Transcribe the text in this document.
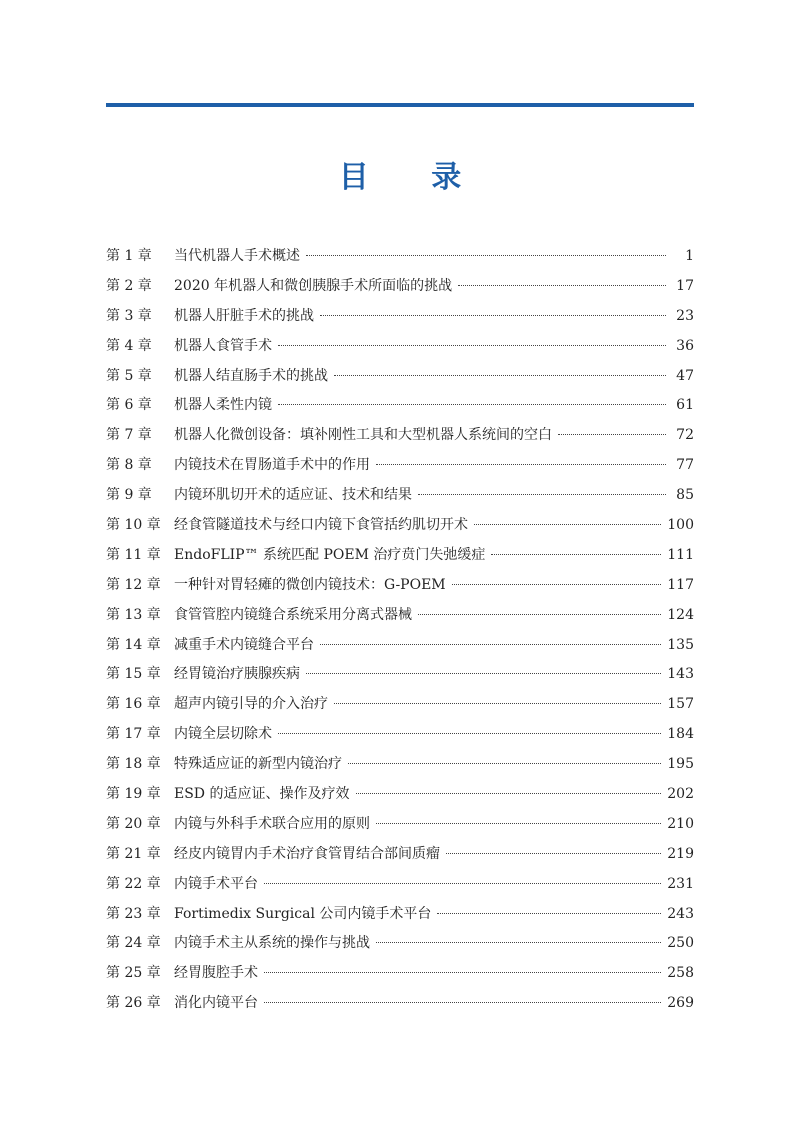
目 录
第 1 章	当代机器人手术概述	1
第 2 章	2020 年机器人和微创胰腺手术所面临的挑战	17
第 3 章	机器人肝脏手术的挑战	23
第 4 章	机器人食管手术	36
第 5 章	机器人结直肠手术的挑战	47
第 6 章	机器人柔性内镜	61
第 7 章	机器人化微创设备：填补刚性工具和大型机器人系统间的空白	72
第 8 章	内镜技术在胃肠道手术中的作用	77
第 9 章	内镜环肌切开术的适应证、技术和结果	85
第 10 章 经食管隧道技术与经口内镜下食管括约肌切开术	100
第 11 章 EndoFLIP™ 系统匹配 POEM 治疗贲门失弛缓症	111
第 12 章 一种针对胃轻瘫的微创内镜技术：G-POEM	117
第 13 章 食管管腔内镜缝合系统采用分离式器械	124
第 14 章 减重手术内镜缝合平台	135
第 15 章 经胃镜治疗胰腺疾病	143
第 16 章 超声内镜引导的介入治疗	157
第 17 章 内镜全层切除术	184
第 18 章 特殊适应证的新型内镜治疗	195
第 19 章 ESD 的适应证、操作及疗效	202
第 20 章 内镜与外科手术联合应用的原则	210
第 21 章 经皮内镜胃内手术治疗食管胃结合部间质瘤	219
第 22 章 内镜手术平台	231
第 23 章 Fortimedix Surgical 公司内镜手术平台	243
第 24 章 内镜手术主从系统的操作与挑战	250
第 25 章 经胃腹腔手术	258
第 26 章 消化内镜平台	269
